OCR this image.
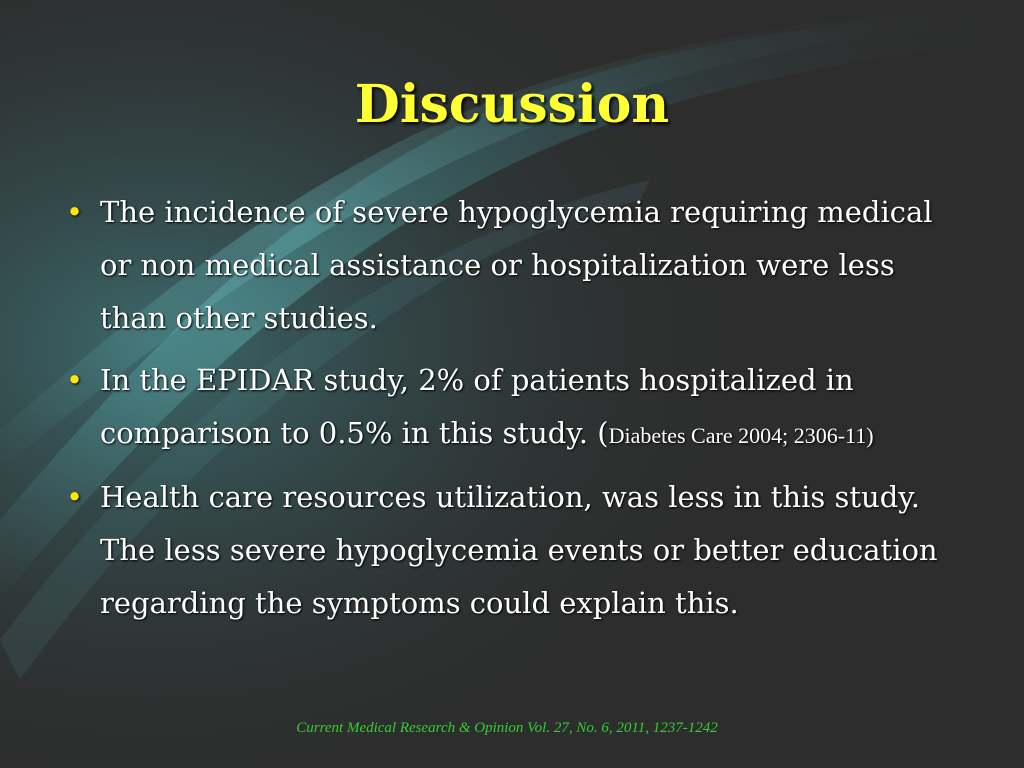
Discussion
• The incidence of severe hypoglycemia requiring medical or non medical assistance or hospitalization were less than other studies.
• In the EPIDAR study, 2% of patients hospitalized in comparison to 0.5% in this study. (Diabetes Care 2004; 2306-11)
• Health care resources utilization, was less in this study. The less severe hypoglycemia events or better education regarding the symptoms could explain this.
Current Medical Research & Opinion Vol. 27, No. 6, 2011, 1237-1242
